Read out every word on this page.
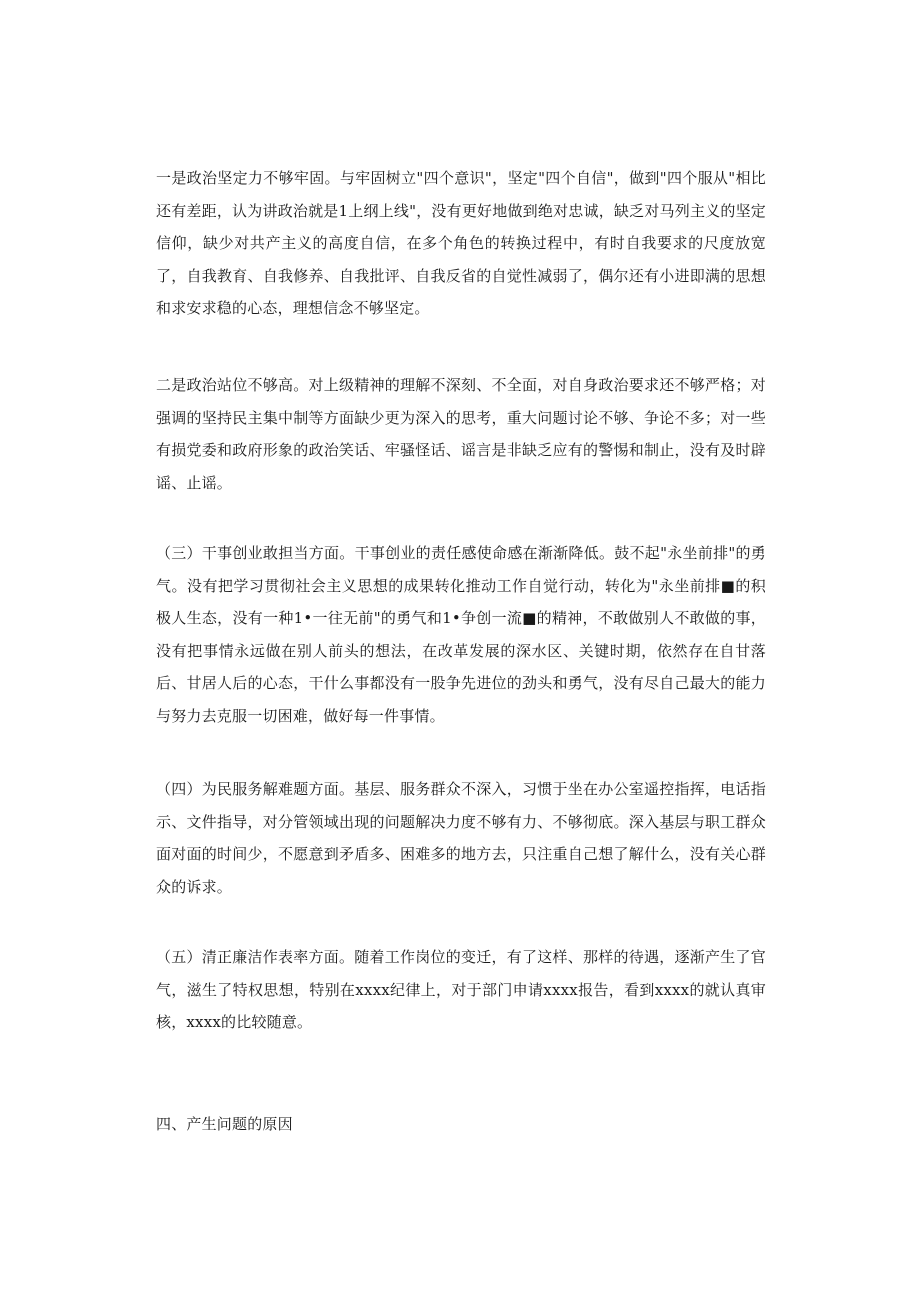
一是政治坚定力不够牢固。与牢固树立"四个意识"，坚定"四个自信"，做到"四个服从"相比还有差距，认为讲政治就是1上纲上线"，没有更好地做到绝对忠诚，缺乏对马列主义的坚定信仰，缺少对共产主义的高度自信，在多个角色的转换过程中，有时自我要求的尺度放宽了，自我教育、自我修养、自我批评、自我反省的自觉性减弱了，偶尔还有小进即满的思想和求安求稳的心态，理想信念不够坚定。

二是政治站位不够高。对上级精神的理解不深刻、不全面，对自身政治要求还不够严格；对强调的坚持民主集中制等方面缺少更为深入的思考，重大问题讨论不够、争论不多；对一些有损党委和政府形象的政治笑话、牢骚怪话、谣言是非缺乏应有的警惕和制止，没有及时辟谣、止谣。

（三）干事创业敢担当方面。干事创业的责任感使命感在渐渐降低。鼓不起"永坐前排"的勇气。没有把学习贯彻社会主义思想的成果转化推动工作自觉行动，转化为"永坐前排■的积极人生态，没有一种1•一往无前"的勇气和1•争创一流■的精神，不敢做别人不敢做的事，没有把事情永远做在别人前头的想法，在改革发展的深水区、关键时期，依然存在自甘落后、甘居人后的心态，干什么事都没有一股争先进位的劲头和勇气，没有尽自己最大的能力与努力去克服一切困难，做好每一件事情。

（四）为民服务解难题方面。基层、服务群众不深入，习惯于坐在办公室遥控指挥，电话指示、文件指导，对分管领域出现的问题解决力度不够有力、不够彻底。深入基层与职工群众面对面的时间少，不愿意到矛盾多、困难多的地方去，只注重自己想了解什么，没有关心群众的诉求。

（五）清正廉洁作表率方面。随着工作岗位的变迁，有了这样、那样的待遇，逐渐产生了官气，滋生了特权思想，特别在xxxx纪律上，对于部门申请xxxx报告，看到xxxx的就认真审核，xxxx的比较随意。

四、产生问题的原因
